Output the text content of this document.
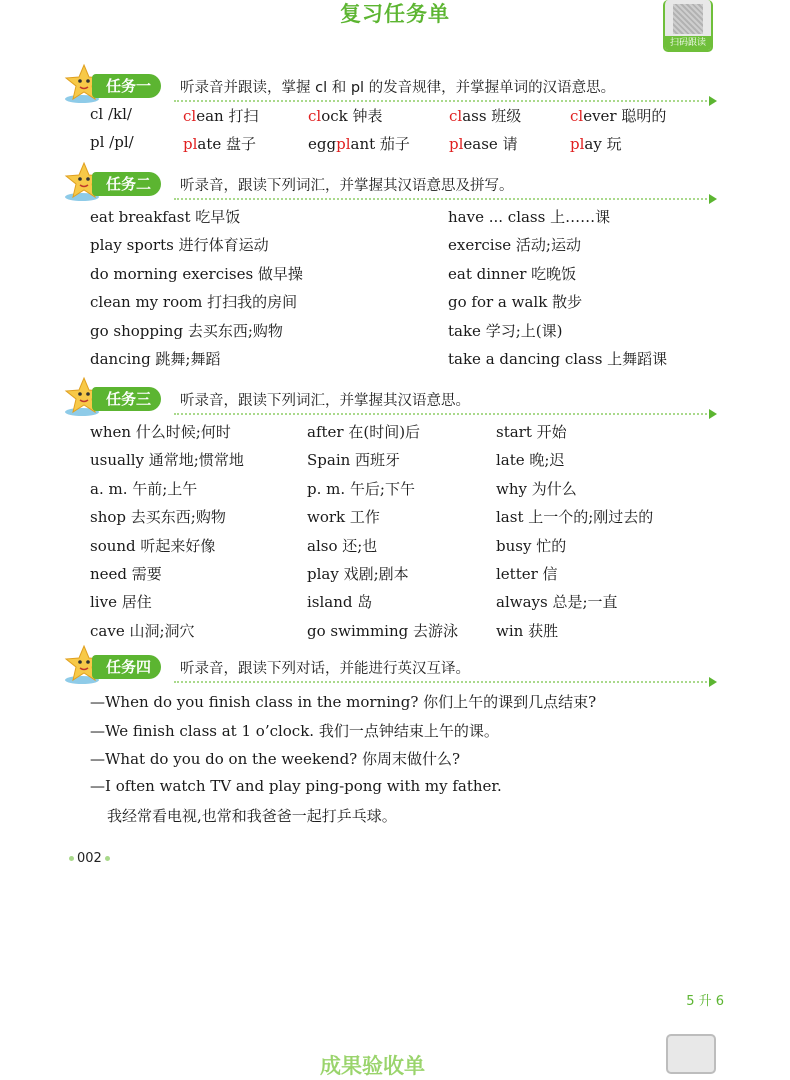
复习任务单
扫码跟读
任务一	听录音并跟读，掌握 cl 和 pl 的发音规律，并掌握单词的汉语意思。
任务二	听录音，跟读下列词汇，并掌握其汉语意思及拼写。
任务三	听录音，跟读下列词汇，并掌握其汉语意思。
任务四	听录音，跟读下列对话，并能进行英汉互译。
cl /kl/	clean 打扫	clock 钟表	class 班级	clever 聪明的
pl /pl/	plate 盘子	eggplant 茄子	please 请	play 玩
eat breakfast 吃早饭	have ... class 上……课
play sports 进行体育运动	exercise 活动;运动
do morning exercises 做早操	eat dinner 吃晚饭
clean my room 打扫我的房间	go for a walk 散步
go shopping 去买东西;购物	take 学习;上(课)
dancing 跳舞;舞蹈	take a dancing class 上舞蹈课
when 什么时候;何时	after 在(时间)后	start 开始
usually 通常地;惯常地	Spain 西班牙	late 晚;迟
a. m. 午前;上午	p. m. 午后;下午	why 为什么
shop 去买东西;购物	work 工作	last 上一个的;刚过去的
sound 听起来好像	also 还;也	busy 忙的
need 需要	play 戏剧;剧本	letter 信
live 居住	island 岛	always 总是;一直
cave 山洞;洞穴	go swimming 去游泳	win 获胜
—When do you finish class in the morning? 你们上午的课到几点结束?
—We finish class at 1 o’clock. 我们一点钟结束上午的课。
—What do you do on the weekend? 你周末做什么?
—I often watch TV and play ping-pong with my father.
我经常看电视,也常和我爸爸一起打乒乓球。
002
5 升 6
成果验收单
